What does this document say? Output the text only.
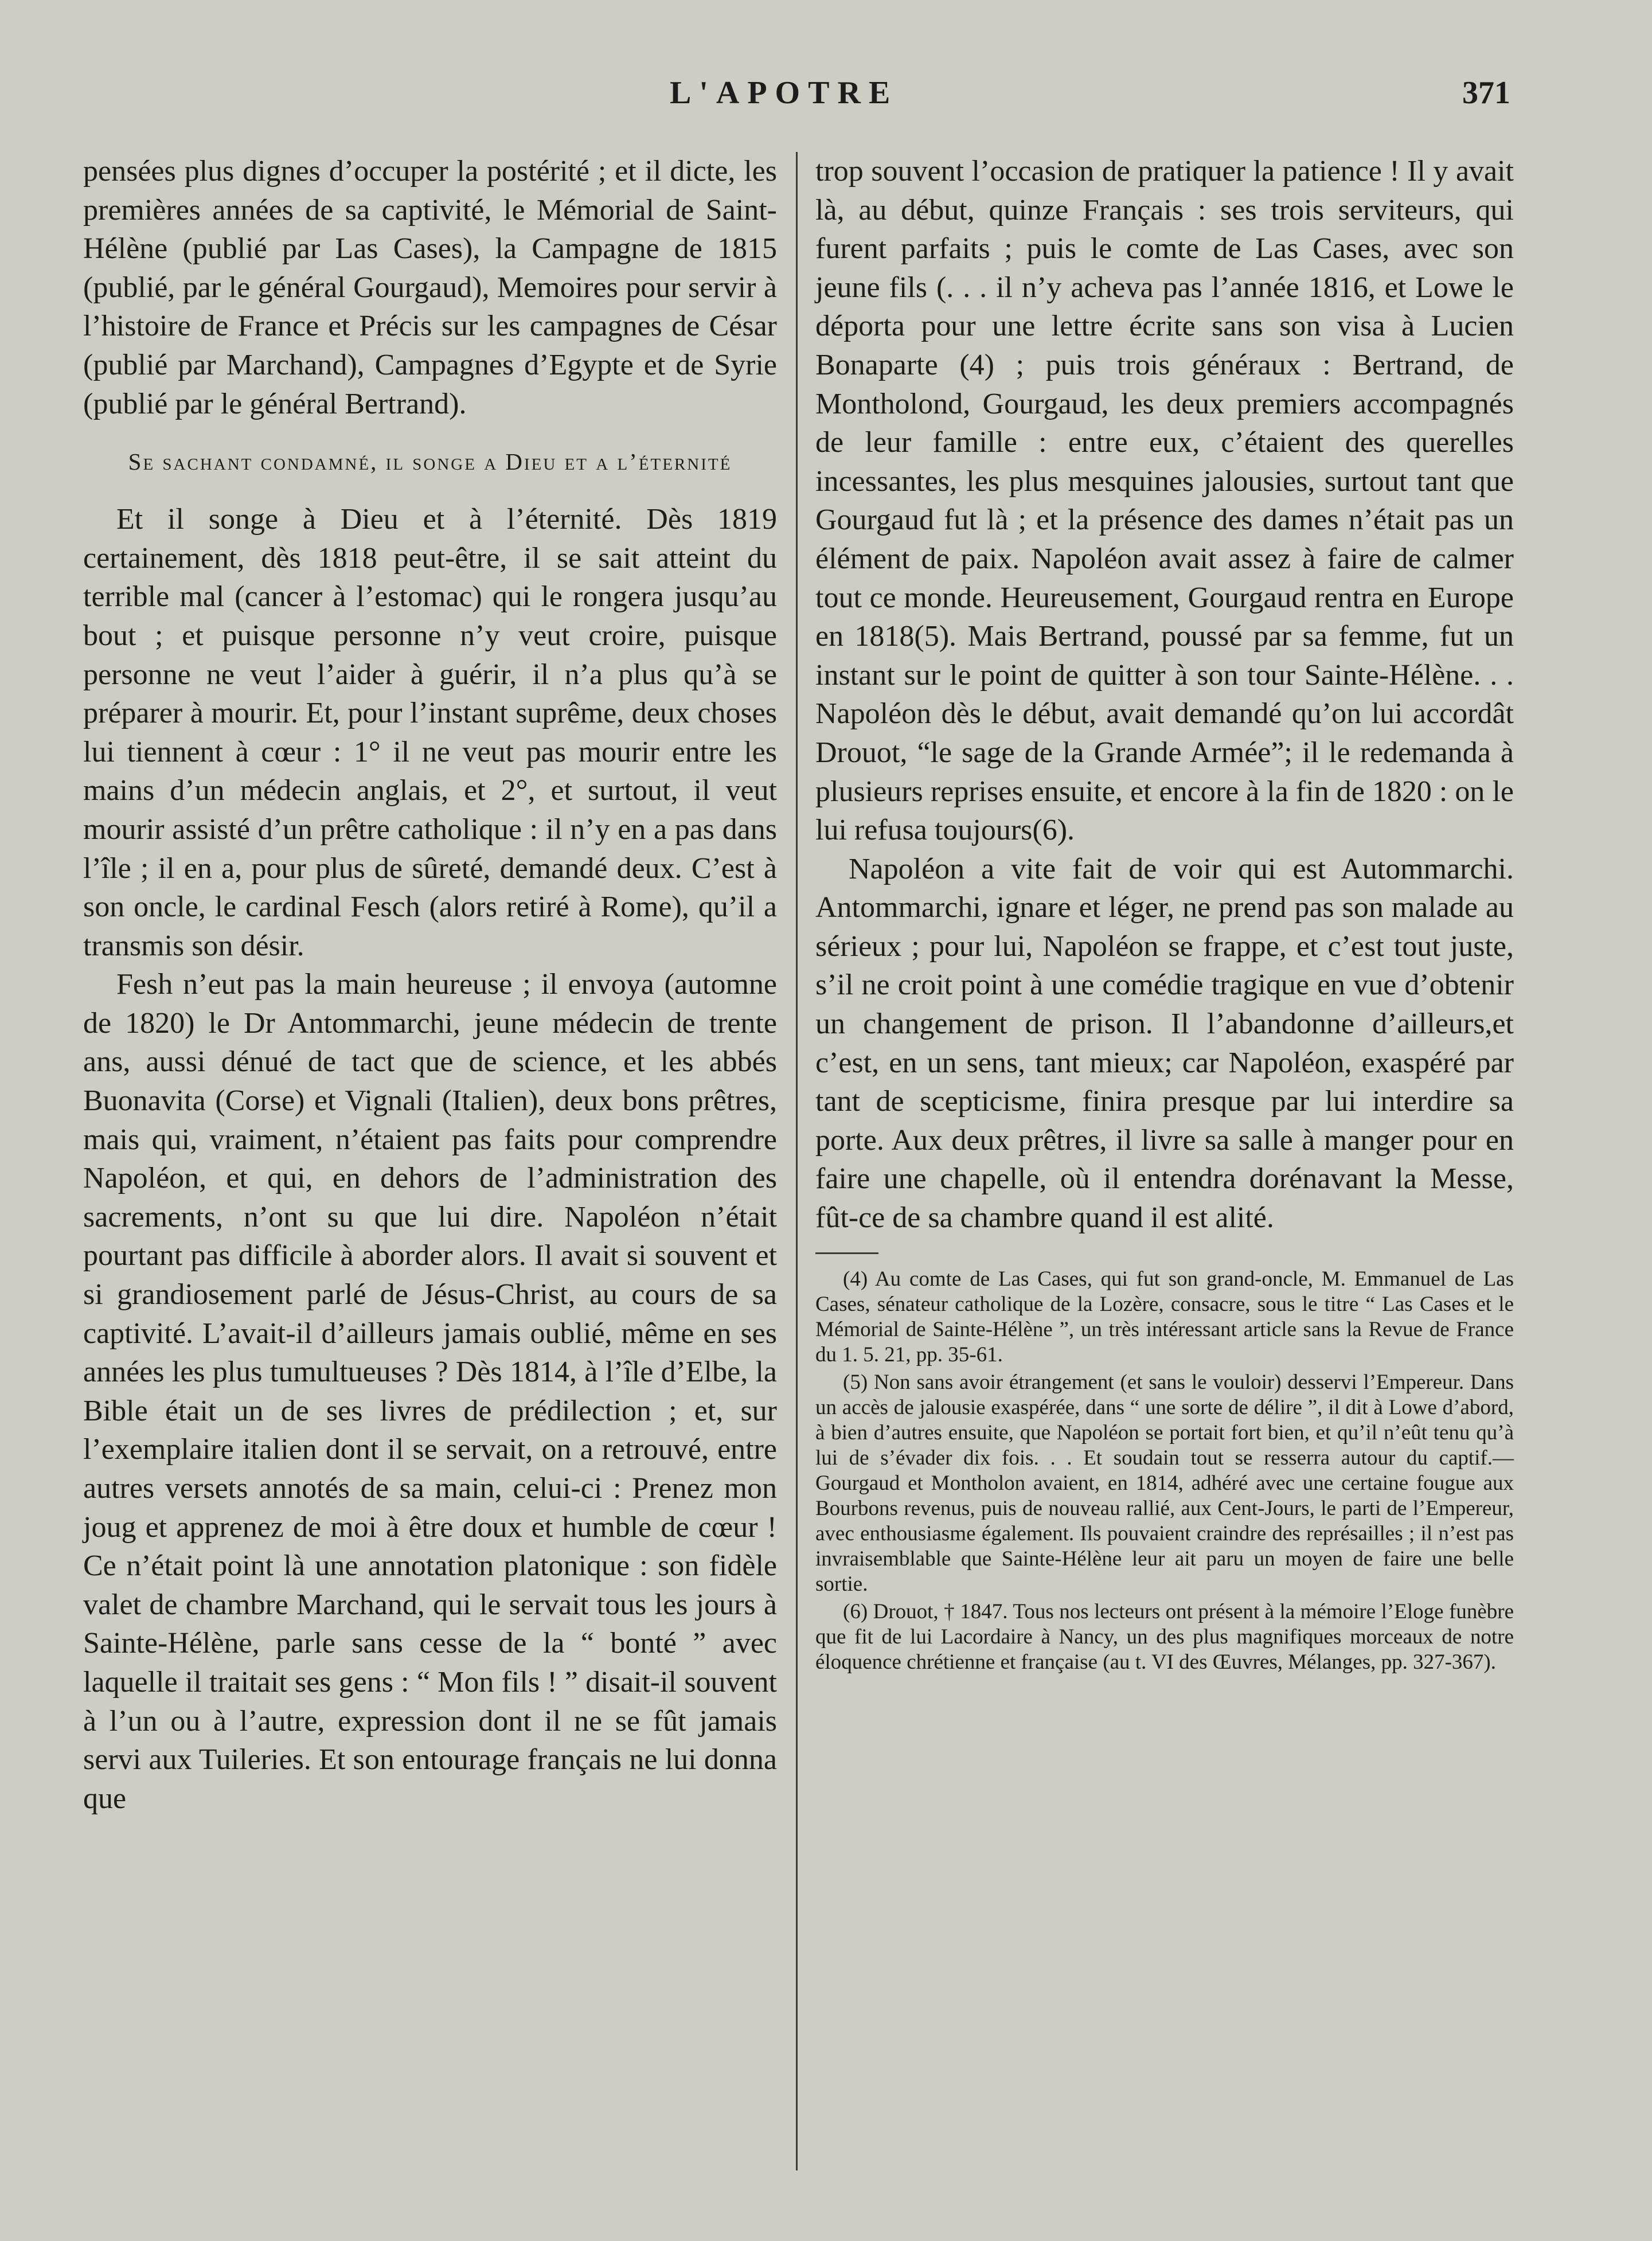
L'APOTRE	371

pensées plus dignes d’occuper la postérité ; et il dicte, les premières années de sa captivité, le Mémorial de Saint-Hélène (publié par Las Cases), la Campagne de 1815 (publié, par le général Gourgaud), Memoires pour servir à l’histoire de France et Précis sur les campagnes de César (publié par Marchand), Campagnes d’Egypte et de Syrie (publié par le général Bertrand).

Se sachant condamné, il songe a Dieu et a l’éternité

Et il songe à Dieu et à l’éternité. Dès 1819 certainement, dès 1818 peut-être, il se sait atteint du terrible mal (cancer à l’estomac) qui le rongera jusqu’au bout ; et puisque personne n’y veut croire, puisque personne ne veut l’aider à guérir, il n’a plus qu’à se préparer à mourir. Et, pour l’instant suprême, deux choses lui tiennent à cœur : 1° il ne veut pas mourir entre les mains d’un médecin anglais, et 2°, et surtout, il veut mourir assisté d’un prêtre catholique : il n’y en a pas dans l’île ; il en a, pour plus de sûreté, demandé deux. C’est à son oncle, le cardinal Fesch (alors retiré à Rome), qu’il a transmis son désir.

Fesh n’eut pas la main heureuse ; il envoya (automne de 1820) le Dr Antommarchi, jeune médecin de trente ans, aussi dénué de tact que de science, et les abbés Buonavita (Corse) et Vignali (Italien), deux bons prêtres, mais qui, vraiment, n’étaient pas faits pour comprendre Napoléon, et qui, en dehors de l’administration des sacrements, n’ont su que lui dire. Napoléon n’était pourtant pas difficile à aborder alors. Il avait si souvent et si grandiosement parlé de Jésus-Christ, au cours de sa captivité. L’avait-il d’ailleurs jamais oublié, même en ses années les plus tumultueuses ? Dès 1814, à l’île d’Elbe, la Bible était un de ses livres de prédilection ; et, sur l’exemplaire italien dont il se servait, on a retrouvé, entre autres versets annotés de sa main, celui-ci : Prenez mon joug et apprenez de moi à être doux et humble de cœur ! Ce n’était point là une annotation platonique : son fidèle valet de chambre Marchand, qui le servait tous les jours à Sainte-Hélène, parle sans cesse de la “ bonté ” avec laquelle il traitait ses gens : “ Mon fils ! ” disait-il souvent à l’un ou à l’autre, expression dont il ne se fût jamais servi aux Tuileries. Et son entourage français ne lui donna que

trop souvent l’occasion de pratiquer la patience ! Il y avait là, au début, quinze Français : ses trois serviteurs, qui furent parfaits ; puis le comte de Las Cases, avec son jeune fils (. . . il n’y acheva pas l’année 1816, et Lowe le déporta pour une lettre écrite sans son visa à Lucien Bonaparte (4) ; puis trois généraux : Bertrand, de Montholond, Gourgaud, les deux premiers accompagnés de leur famille : entre eux, c’étaient des querelles incessantes, les plus mesquines jalousies, surtout tant que Gourgaud fut là ; et la présence des dames n’était pas un élément de paix. Napoléon avait assez à faire de calmer tout ce monde. Heureusement, Gourgaud rentra en Europe en 1818(5). Mais Bertrand, poussé par sa femme, fut un instant sur le point de quitter à son tour Sainte-Hélène. . . Napoléon dès le début, avait demandé qu’on lui accordât Drouot, “le sage de la Grande Armée”; il le redemanda à plusieurs reprises ensuite, et encore à la fin de 1820 : on le lui refusa toujours(6).

Napoléon a vite fait de voir qui est Autommarchi. Antommarchi, ignare et léger, ne prend pas son malade au sérieux ; pour lui, Napoléon se frappe, et c’est tout juste, s’il ne croit point à une comédie tragique en vue d’obtenir un changement de prison. Il l’abandonne d’ailleurs,et c’est, en un sens, tant mieux; car Napoléon, exaspéré par tant de scepticisme, finira presque par lui interdire sa porte. Aux deux prêtres, il livre sa salle à manger pour en faire une chapelle, où il entendra dorénavant la Messe, fût-ce de sa chambre quand il est alité.

(4) Au comte de Las Cases, qui fut son grand-oncle, M. Emmanuel de Las Cases, sénateur catholique de la Lozère, consacre, sous le titre “ Las Cases et le Mémorial de Sainte-Hélène ”, un très intéressant article sans la Revue de France du 1. 5. 21, pp. 35-61.

(5) Non sans avoir étrangement (et sans le vouloir) desservi l’Empereur. Dans un accès de jalousie exaspérée, dans “ une sorte de délire ”, il dit à Lowe d’abord, à bien d’autres ensuite, que Napoléon se portait fort bien, et qu’il n’eût tenu qu’à lui de s’évader dix fois. . . Et soudain tout se resserra autour du captif.— Gourgaud et Montholon avaient, en 1814, adhéré avec une certaine fougue aux Bourbons revenus, puis de nouveau rallié, aux Cent-Jours, le parti de l’Empereur, avec enthousiasme également. Ils pouvaient craindre des représailles ; il n’est pas invraisemblable que Sainte-Hélène leur ait paru un moyen de faire une belle sortie.

(6) Drouot, † 1847. Tous nos lecteurs ont présent à la mémoire l’Eloge funèbre que fit de lui Lacordaire à Nancy, un des plus magnifiques morceaux de notre éloquence chrétienne et française (au t. VI des Œuvres, Mélanges, pp. 327-367).
